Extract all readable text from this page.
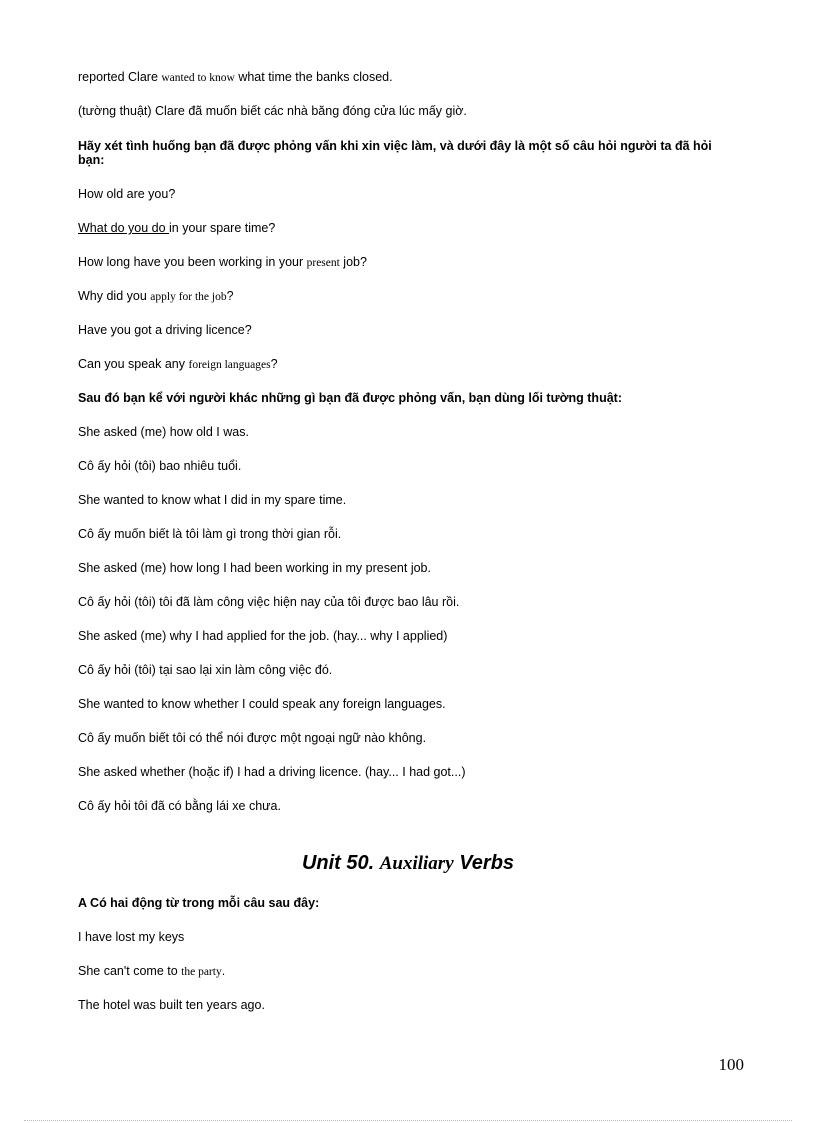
reported Clare wanted to know what time the banks closed.
(tường thuật) Clare đã muốn biết các nhà băng đóng cửa lúc mấy giờ.
Hãy xét tình huống bạn đã được phỏng vấn khi xin việc làm, và dưới đây là một số câu hỏi người ta đã hỏi bạn:
How old are you?
What do you do in your spare time?
How long have you been working in your present job?
Why did you apply for the job?
Have you got a driving licence?
Can you speak any foreign languages?
Sau đó bạn kể với người khác những gì bạn đã được phỏng vấn, bạn dùng lối tường thuật:
She asked (me) how old I was.
Cô ấy hỏi (tôi) bao nhiêu tuổi.
She wanted to know what I did in my spare time.
Cô ấy muốn biết là tôi làm gì trong thời gian rỗi.
She asked (me) how long I had been working in my present job.
Cô ấy hỏi (tôi) tôi đã làm công việc hiện nay của tôi được bao lâu rồi.
She asked (me) why I had applied for the job. (hay... why I applied)
Cô ấy hỏi (tôi) tại sao lại xin làm công việc đó.
She wanted to know whether I could speak any foreign languages.
Cô ấy muốn biết tôi có thể nói được một ngoại ngữ nào không.
She asked whether (hoặc if) I had a driving licence. (hay... I had got...)
Cô ấy hỏi tôi đã có bằng lái xe chưa.
Unit 50. Auxiliary Verbs
A Có hai động từ trong mỗi câu sau đây:
I have lost my keys
She can't come to the party.
The hotel was built ten years ago.
100
